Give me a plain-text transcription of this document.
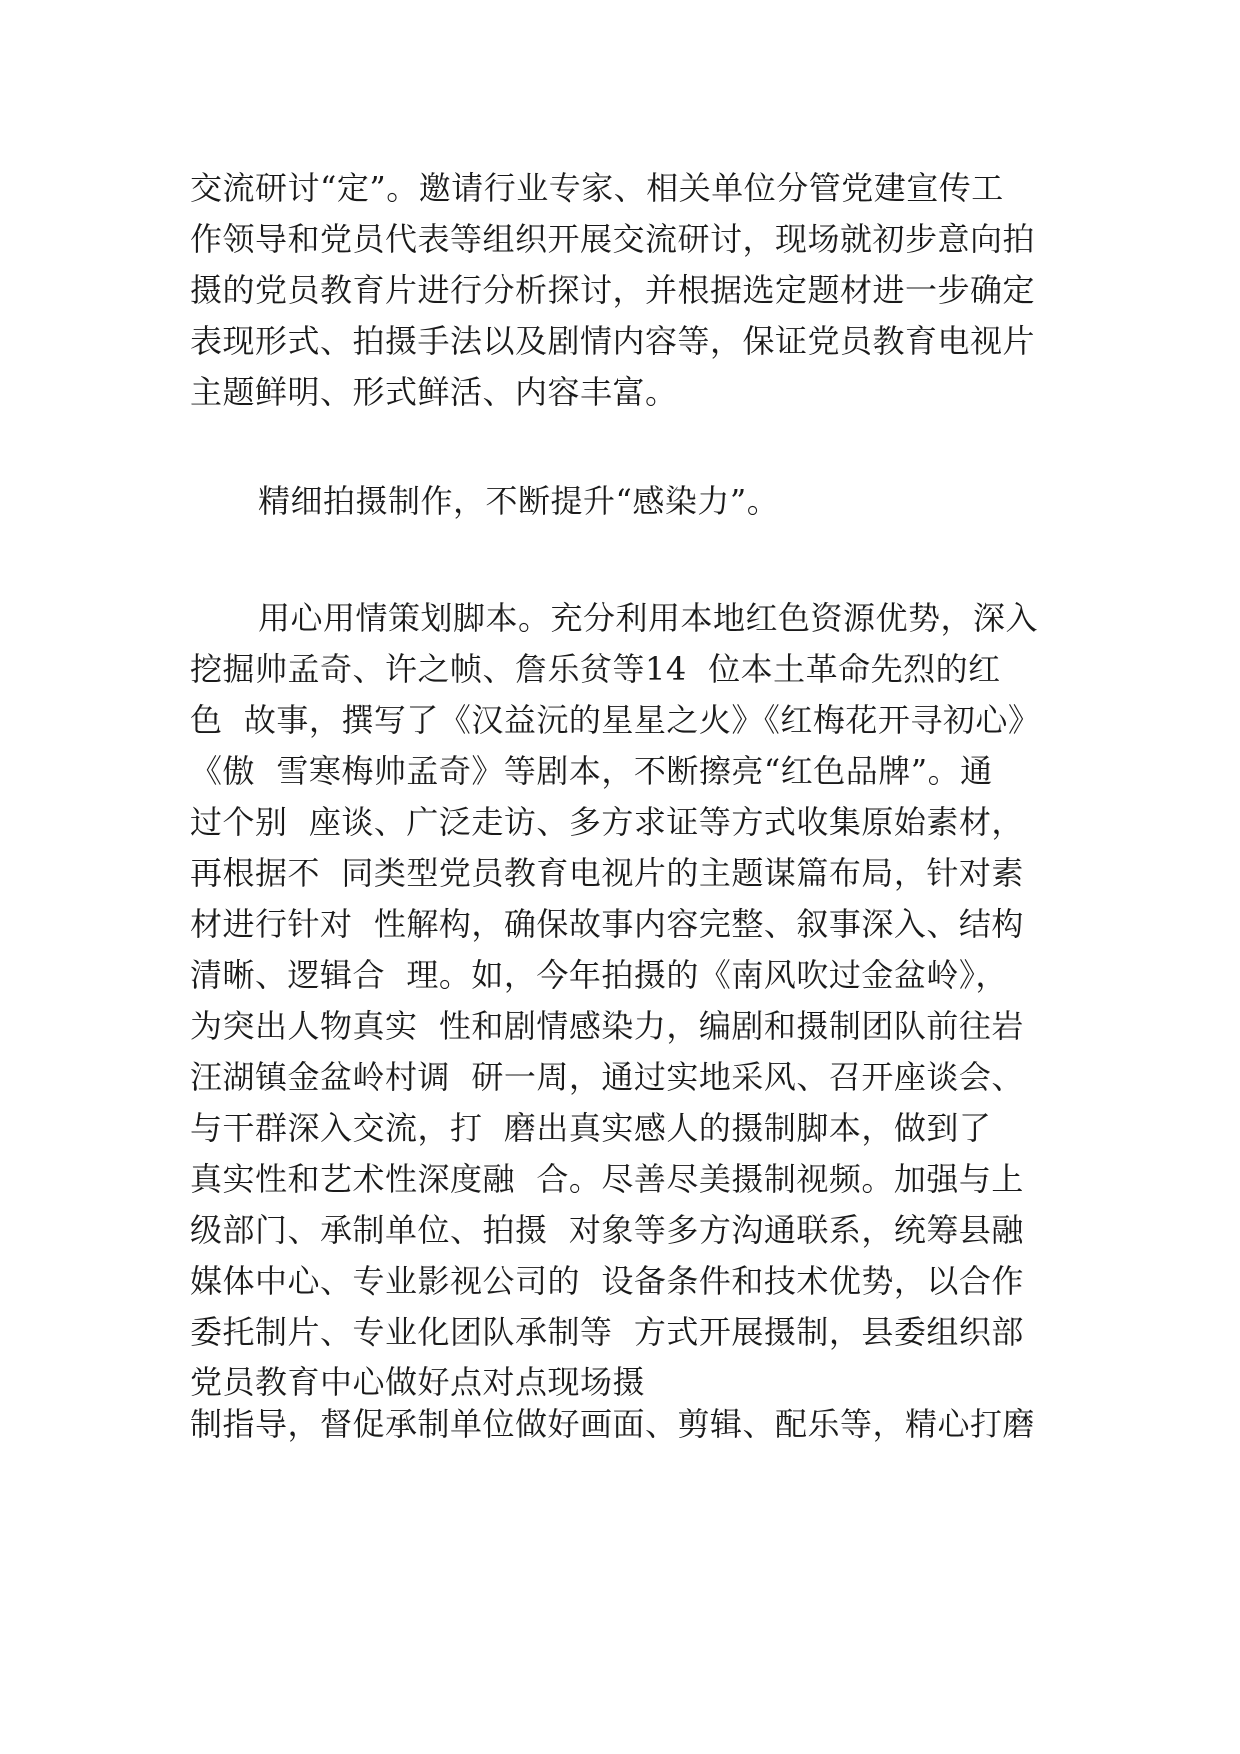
交流研讨“定”。邀请行业专家、相关单位分管党建宣传工
作领导和党员代表等组织开展交流研讨，现场就初步意向拍
摄的党员教育片进行分析探讨，并根据选定题材进一步确定
表现形式、拍摄手法以及剧情内容等，保证党员教育电视片
主题鲜明、形式鲜活、内容丰富。
精细拍摄制作，不断提升“感染力”。
用心用情策划脚本。充分利用本地红色资源优势，深入
挖掘帅孟奇、许之帧、詹乐贫等14  位本土革命先烈的红
色  故事，撰写了《汉益沅的星星之火》《红梅花开寻初心》
《傲  雪寒梅帅孟奇》等剧本，不断擦亮“红色品牌”。通
过个别  座谈、广泛走访、多方求证等方式收集原始素材，
再根据不  同类型党员教育电视片的主题谋篇布局，针对素
材进行针对  性解构，确保故事内容完整、叙事深入、结构
清晰、逻辑合  理。如，今年拍摄的《南风吹过金盆岭》，
为突出人物真实  性和剧情感染力，编剧和摄制团队前往岩
汪湖镇金盆岭村调  研一周，通过实地采风、召开座谈会、
与干群深入交流，打  磨出真实感人的摄制脚本，做到了
真实性和艺术性深度融  合。尽善尽美摄制视频。加强与上
级部门、承制单位、拍摄  对象等多方沟通联系，统筹县融
媒体中心、专业影视公司的  设备条件和技术优势，以合作
委托制片、专业化团队承制等  方式开展摄制，县委组织部
党员教育中心做好点对点现场摄
制指导，督促承制单位做好画面、剪辑、配乐等，精心打磨
